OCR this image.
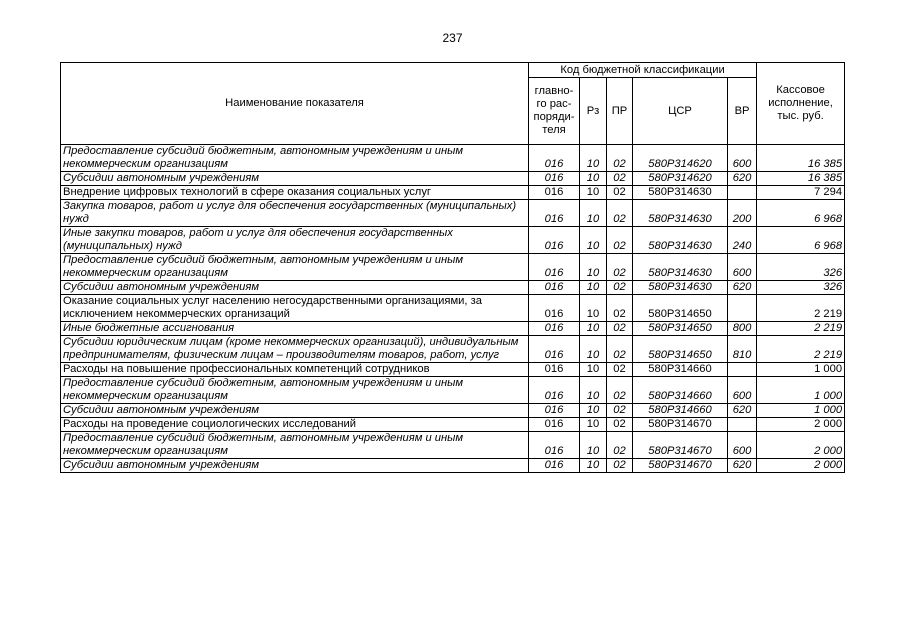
237
Наименование показателя	Код бюджетной классификации					Кассовое исполнение, тыс. руб.
	главно-
го рас-
поряди-
теля	Рз	ПР	ЦСР	ВР	
Предоставление субсидий бюджетным, автономным учреждениям и иным некоммерческим организациям	016	10	02	580P314620	600	16 385
Субсидии автономным учреждениям	016	10	02	580P314620	620	16 385
Внедрение цифровых технологий в сфере оказания социальных услуг	016	10	02	580P314630		7 294
Закупка товаров, работ и услуг для обеспечения государственных (муниципальных) нужд	016	10	02	580P314630	200	6 968
Иные закупки товаров, работ и услуг для обеспечения государственных (муниципальных) нужд	016	10	02	580P314630	240	6 968
Предоставление субсидий бюджетным, автономным учреждениям и иным некоммерческим организациям	016	10	02	580P314630	600	326
Субсидии автономным учреждениям	016	10	02	580P314630	620	326
Оказание социальных услуг населению негосударственными организациями, за исключением некоммерческих организаций	016	10	02	580P314650		2 219
Иные бюджетные ассигнования	016	10	02	580P314650	800	2 219
Субсидии юридическим лицам (кроме некоммерческих организаций), индивидуальным предпринимателям, физическим лицам – производителям товаров, работ, услуг	016	10	02	580P314650	810	2 219
Расходы на повышение профессиональных компетенций сотрудников	016	10	02	580P314660		1 000
Предоставление субсидий бюджетным, автономным учреждениям и иным некоммерческим организациям	016	10	02	580P314660	600	1 000
Субсидии автономным учреждениям	016	10	02	580P314660	620	1 000
Расходы на проведение социологических исследований	016	10	02	580P314670		2 000
Предоставление субсидий бюджетным, автономным учреждениям и иным некоммерческим организациям	016	10	02	580P314670	600	2 000
Субсидии автономным учреждениям	016	10	02	580P314670	620	2 000
